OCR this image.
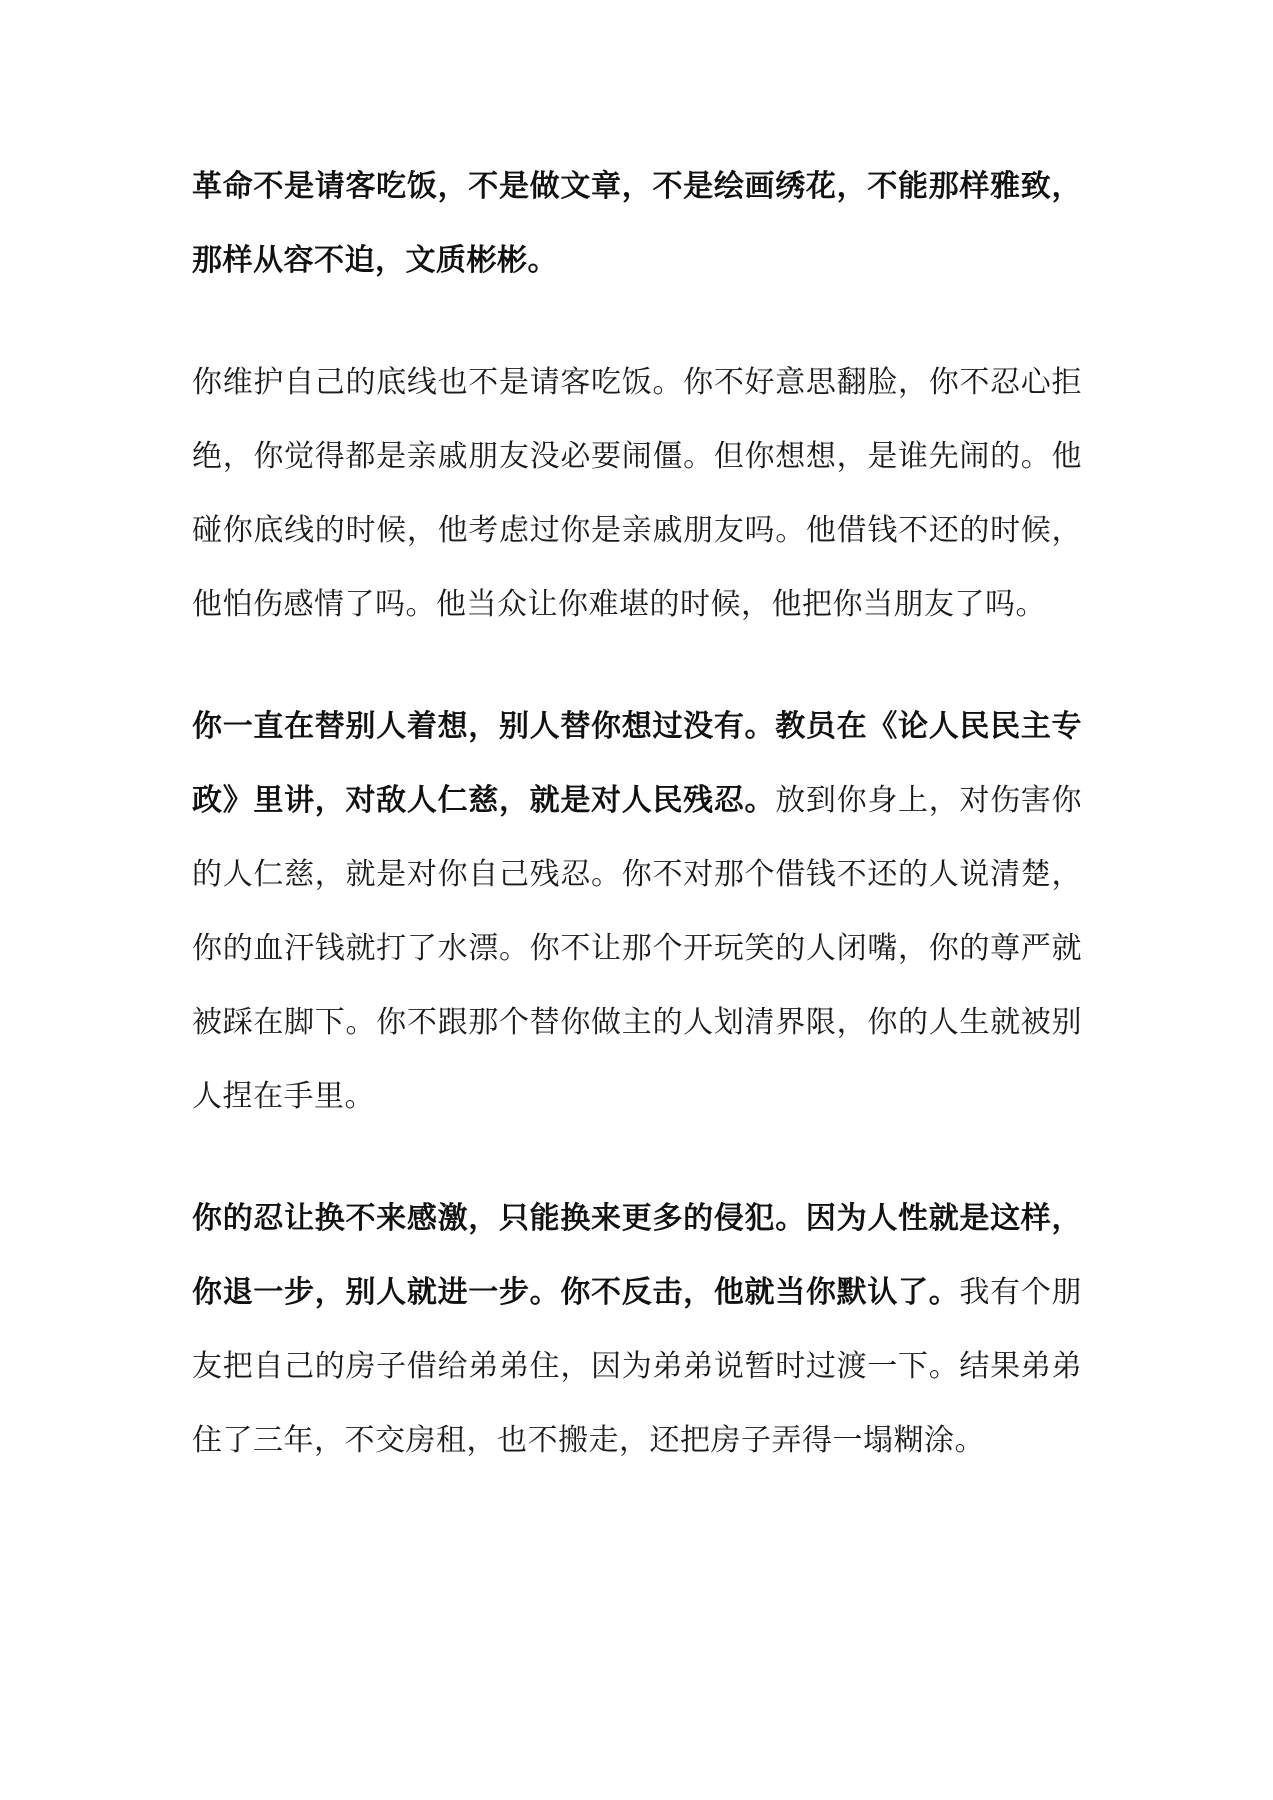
革命不是请客吃饭，不是做文章，不是绘画绣花，不能那样雅致，那样从容不迫，文质彬彬。

你维护自己的底线也不是请客吃饭。你不好意思翻脸，你不忍心拒绝，你觉得都是亲戚朋友没必要闹僵。但你想想，是谁先闹的。他碰你底线的时候，他考虑过你是亲戚朋友吗。他借钱不还的时候，他怕伤感情了吗。他当众让你难堪的时候，他把你当朋友了吗。

你一直在替别人着想，别人替你想过没有。教员在《论人民民主专政》里讲，对敌人仁慈，就是对人民残忍。放到你身上，对伤害你的人仁慈，就是对你自己残忍。你不对那个借钱不还的人说清楚，你的血汗钱就打了水漂。你不让那个开玩笑的人闭嘴，你的尊严就被踩在脚下。你不跟那个替你做主的人划清界限，你的人生就被别人捏在手里。

你的忍让换不来感激，只能换来更多的侵犯。因为人性就是这样，你退一步，别人就进一步。你不反击，他就当你默认了。我有个朋友把自己的房子借给弟弟住，因为弟弟说暂时过渡一下。结果弟弟住了三年，不交房租，也不搬走，还把房子弄得一塌糊涂。
